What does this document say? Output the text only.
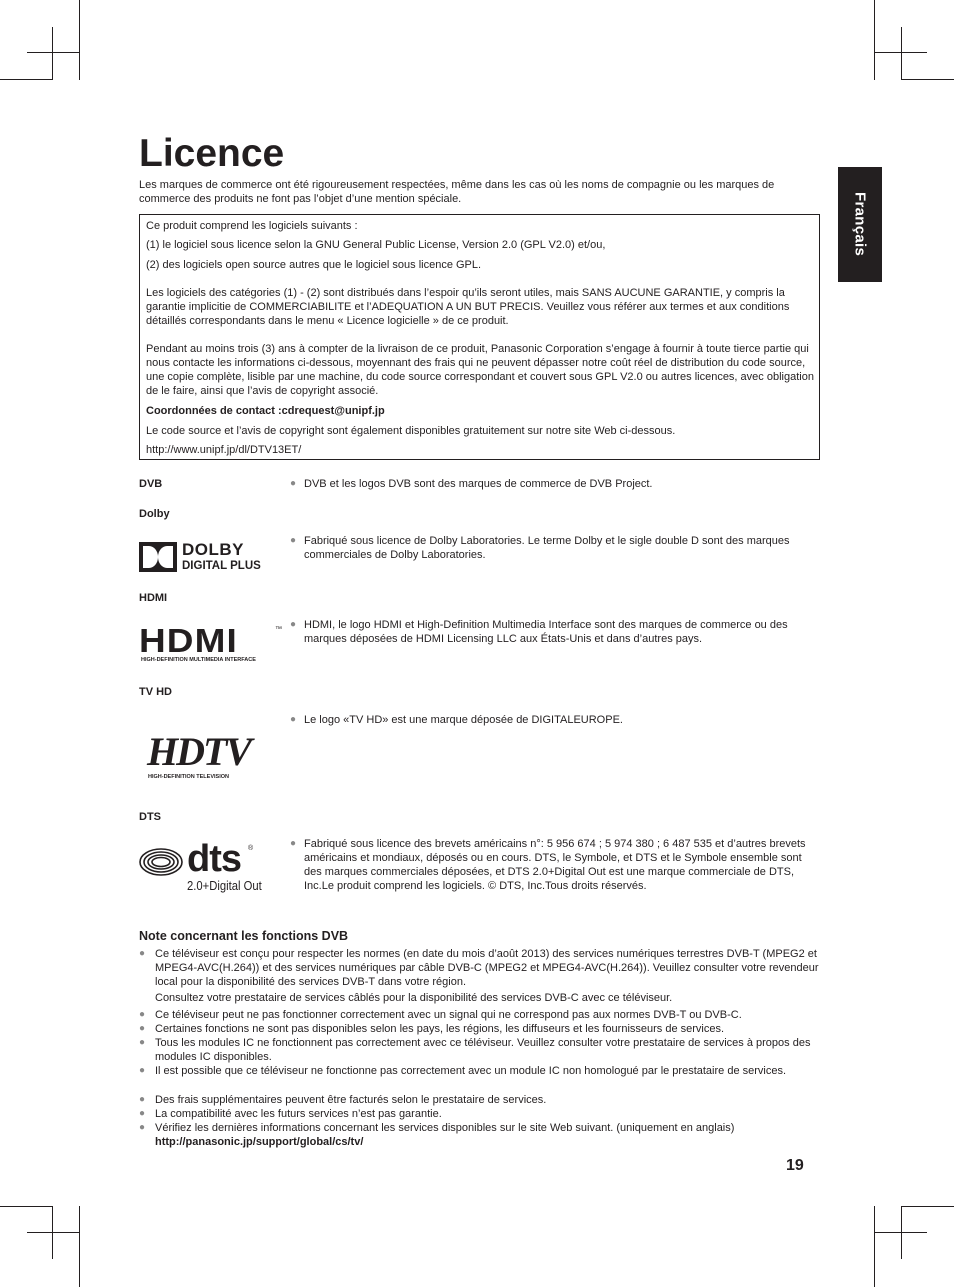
Français
Licence

Les marques de commerce ont été rigoureusement respectées, même dans les cas où les noms de compagnie ou les marques de commerce des produits ne font pas l’objet d’une mention spéciale.

Ce produit comprend les logiciels suivants :

(1) le logiciel sous licence selon la GNU General Public License, Version 2.0 (GPL V2.0) et/ou,

(2) des logiciels open source autres que le logiciel sous licence GPL.

Les logiciels des catégories (1) - (2) sont distribués dans l’espoir qu’ils seront utiles, mais SANS AUCUNE GARANTIE, y compris la garantie implicitie de COMMERCIABILITE et l’ADEQUATION A UN BUT PRECIS. Veuillez vous référer aux termes et aux conditions détaillés correspondants dans le menu « Licence logicielle » de ce produit.

Pendant au moins trois (3) ans à compter de la livraison de ce produit, Panasonic Corporation s’engage à fournir à toute tierce partie qui nous contacte les informations ci-dessous, moyennant des frais qui ne peuvent dépasser notre coût réel de distribution du code source, une copie complète, lisible par une machine, du code source correspondant et couvert sous GPL V2.0 ou autres licences, avec obligation de le faire, ainsi que l’avis de copyright associé.

Coordonnées de contact :cdrequest@unipf.jp

Le code source et l’avis de copyright sont également disponibles gratuitement sur notre site Web ci-dessous.

http://www.unipf.jp/dl/DTV13ET/

DVB	● DVB et les logos DVB sont des marques de commerce de DVB Project.
Dolby
DOLBY
DIGITAL PLUS
● Fabriqué sous licence de Dolby Laboratories. Le terme Dolby et le sigle double D sont des marques commerciales de Dolby Laboratories.
HDMI
HDMI	™
HIGH-DEFINITION MULTIMEDIA INTERFACE
● HDMI, le logo HDMI et High-Definition Multimedia Interface sont des marques de commerce ou des marques déposées de HDMI Licensing LLC aux États-Unis et dans d’autres pays.
TV HD
HDTV
HIGH-DEFINITION TELEVISION
● Le logo «TV HD» est une marque déposée de DIGITALEUROPE.
DTS
dts ®
2.0+Digital Out
● Fabriqué sous licence des brevets américains n°: 5 956 674 ; 5 974 380 ; 6 487 535 et d’autres brevets américains et mondiaux, déposés ou en cours. DTS, le Symbole, et DTS et le Symbole ensemble sont des marques commerciales déposées, et DTS 2.0+Digital Out est une marque commerciale de DTS, Inc.Le produit comprend les logiciels. © DTS, Inc.Tous droits réservés.
Note concernant les fonctions DVB
● Ce téléviseur est conçu pour respecter les normes (en date du mois d’août 2013) des services numériques terrestres DVB-T (MPEG2 et MPEG4-AVC(H.264)) et des services numériques par câble DVB-C (MPEG2 et MPEG4-AVC(H.264)). Veuillez consulter votre revendeur local pour la disponibilité des services DVB-T dans votre région.
Consultez votre prestataire de services câblés pour la disponibilité des services DVB-C avec ce téléviseur.
● Ce téléviseur peut ne pas fonctionner correctement avec un signal qui ne correspond pas aux normes DVB-T ou DVB-C.
● Certaines fonctions ne sont pas disponibles selon les pays, les régions, les diffuseurs et les fournisseurs de services.
● Tous les modules IC ne fonctionnent pas correctement avec ce téléviseur. Veuillez consulter votre prestataire de services à propos des modules IC disponibles.
● Il est possible que ce téléviseur ne fonctionne pas correctement avec un module IC non homologué par le prestataire de services.
● Des frais supplémentaires peuvent être facturés selon le prestataire de services.
● La compatibilité avec les futurs services n’est pas garantie.
● Vérifiez les dernières informations concernant les services disponibles sur le site Web suivant. (uniquement en anglais)
http://panasonic.jp/support/global/cs/tv/
19
